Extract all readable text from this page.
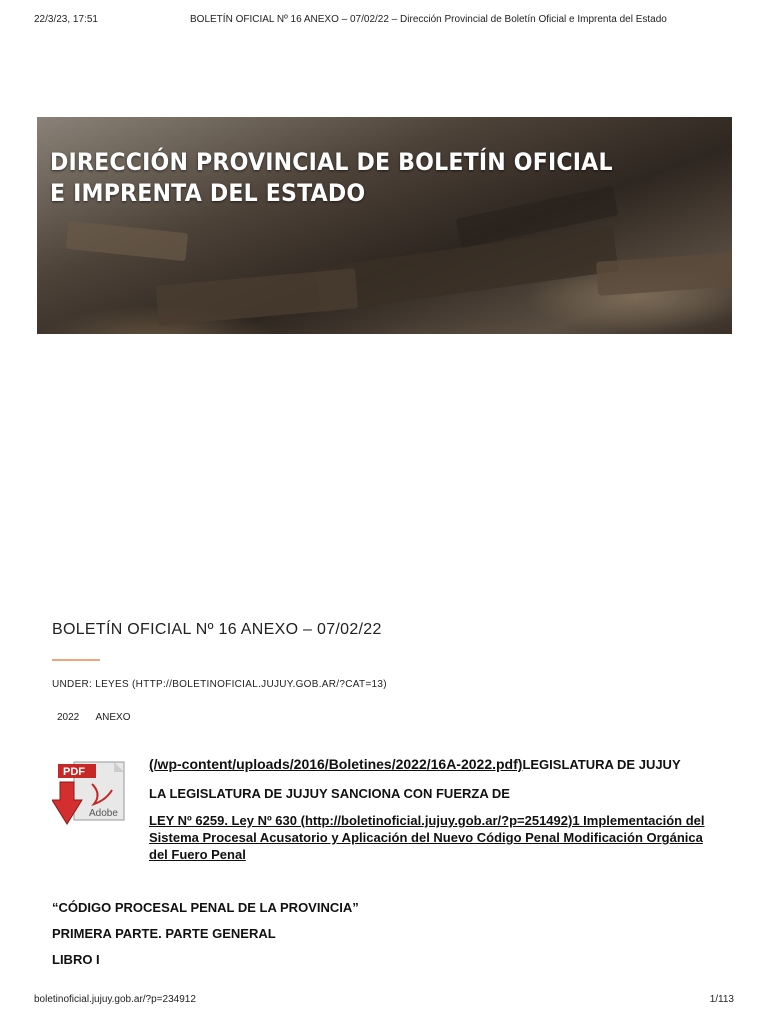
22/3/23, 17:51	BOLETÍN OFICIAL Nº 16 ANEXO – 07/02/22 – Dirección Provincial de Boletín Oficial e Imprenta del Estado
DIRECCIÓN PROVINCIAL DE BOLETÍN OFICIAL
E IMPRENTA DEL ESTADO
BOLETÍN OFICIAL Nº 16 ANEXO – 07/02/22
UNDER: LEYES (HTTP://BOLETINOFICIAL.JUJUY.GOB.AR/?CAT=13)
2022 ANEXO
PDF
Adobe
(/wp-content/uploads/2016/Boletines/2022/16A-2022.pdf)LEGISLATURA DE JUJUY
LA LEGISLATURA DE JUJUY SANCIONA CON FUERZA DE
LEY Nº 6259. Ley Nº 630 (http://boletinoficial.jujuy.gob.ar/?p=251492)1 Implementación del Sistema Procesal Acusatorio y Aplicación del Nuevo Código Penal Modificación Orgánica del Fuero Penal
“CÓDIGO PROCESAL PENAL DE LA PROVINCIA”
PRIMERA PARTE. PARTE GENERAL
LIBRO I
boletinoficial.jujuy.gob.ar/?p=234912	1/113
